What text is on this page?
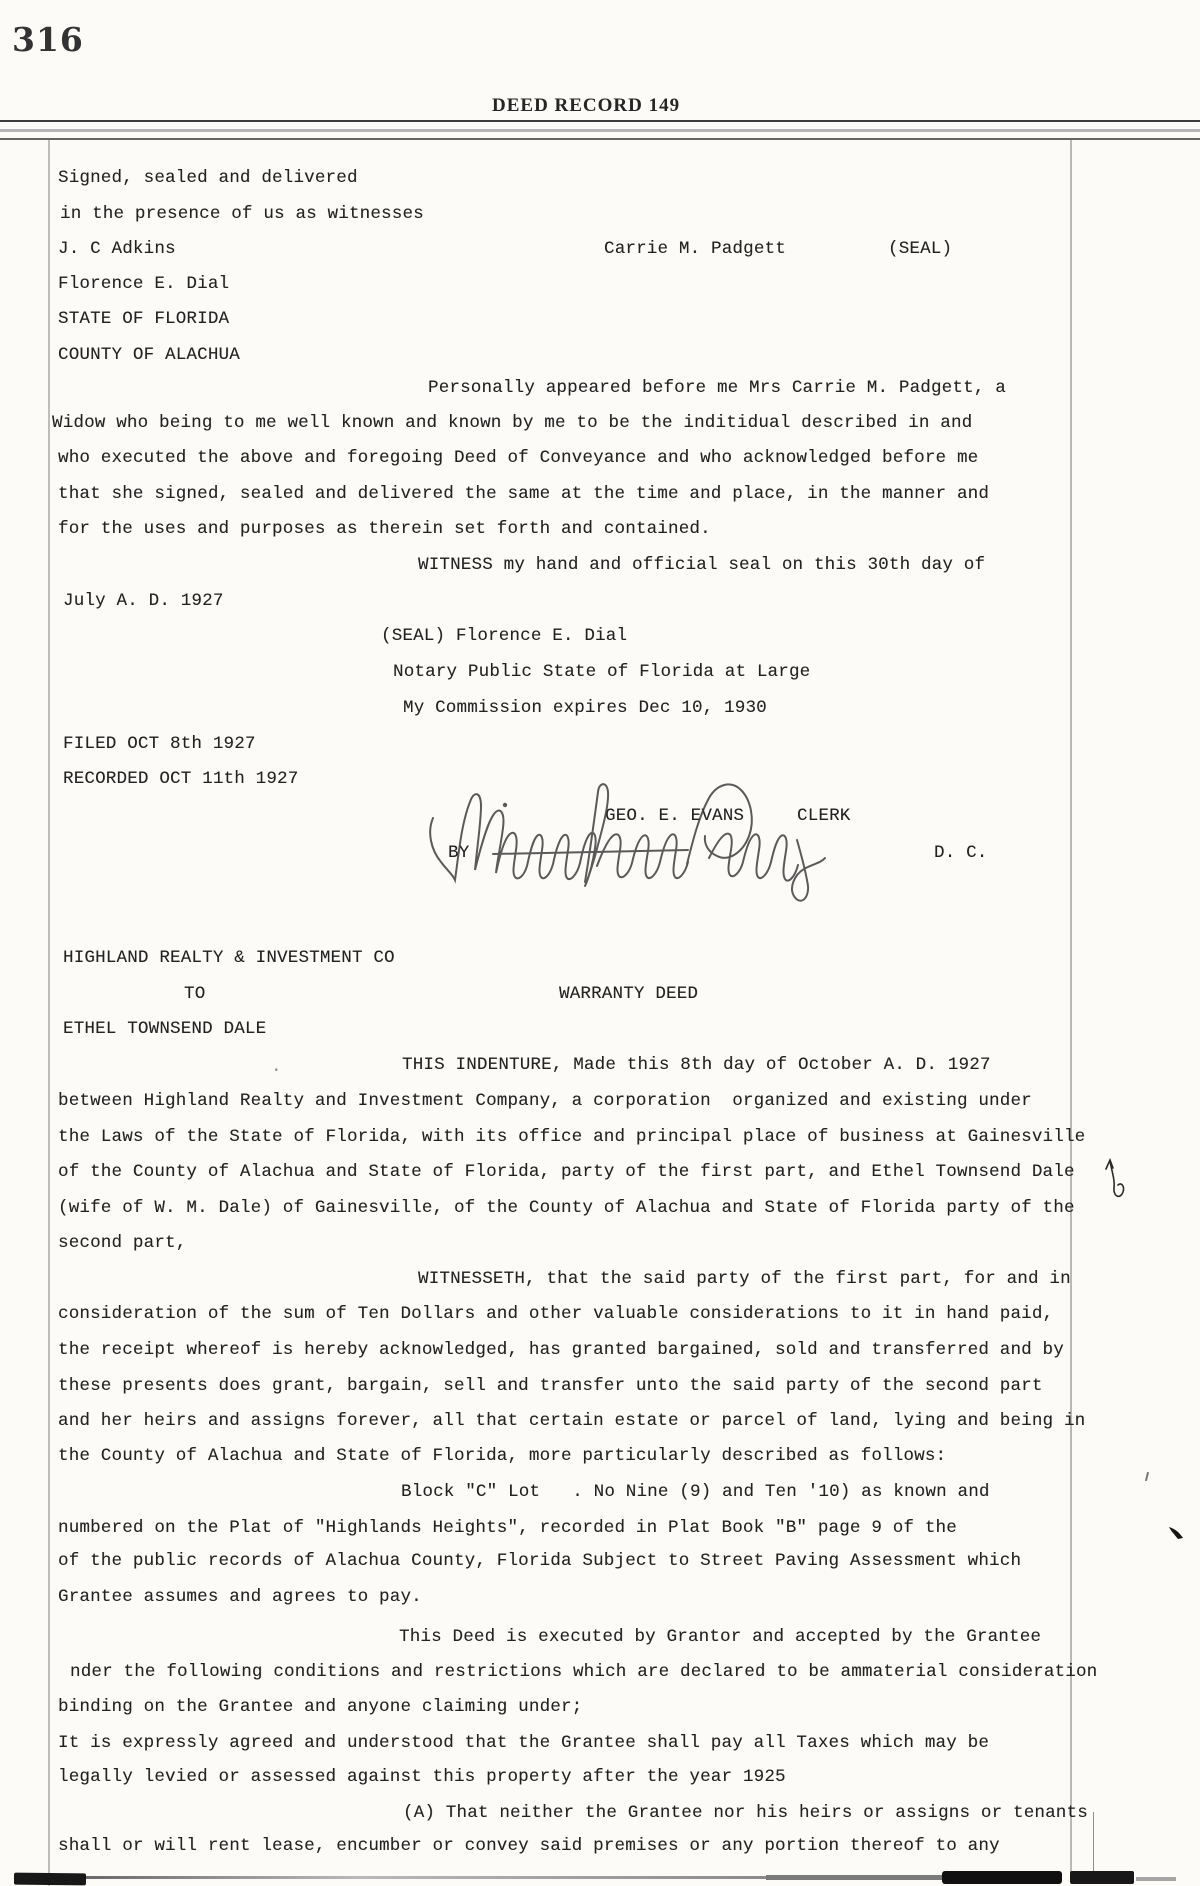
316
DEED RECORD 149
Signed, sealed and delivered
in the presence of us as witnesses
J. C Adkins	Carrie M. Padgett	(SEAL)
Florence E. Dial
STATE OF FLORIDA
COUNTY OF ALACHUA
Personally appeared before me Mrs Carrie M. Padgett, a
Widow who being to me well known and known by me to be the inditidual described in and
who executed the above and foregoing Deed of Conveyance and who acknowledged before me
that she signed, sealed and delivered the same at the time and place, in the manner and
for the uses and purposes as therein set forth and contained.
WITNESS my hand and official seal on this 30th day of
July A. D. 1927
(SEAL) Florence E. Dial
Notary Public State of Florida at Large
My Commission expires Dec 10, 1930
FILED OCT 8th 1927
RECORDED OCT 11th 1927
GEO. E. EVANS	CLERK
BY	D. C.
HIGHLAND REALTY & INVESTMENT CO
TO	WARRANTY DEED
ETHEL TOWNSEND DALE
.	THIS INDENTURE, Made this 8th day of October A. D. 1927
between Highland Realty and Investment Company, a corporation  organized and existing under
the Laws of the State of Florida, with its office and principal place of business at Gainesville
of the County of Alachua and State of Florida, party of the first part, and Ethel Townsend Dale
(wife of W. M. Dale) of Gainesville, of the County of Alachua and State of Florida party of the
second part,
WITNESSETH, that the said party of the first part, for and in
consideration of the sum of Ten Dollars and other valuable considerations to it in hand paid,
the receipt whereof is hereby acknowledged, has granted bargained, sold and transferred and by
these presents does grant, bargain, sell and transfer unto the said party of the second part
and her heirs and assigns forever, all that certain estate or parcel of land, lying and being in
the County of Alachua and State of Florida, more particularly described as follows:
Block "C" Lot   . No Nine (9) and Ten '10) as known and
numbered on the Plat of "Highlands Heights", recorded in Plat Book "B" page 9 of the
of the public records of Alachua County, Florida Subject to Street Paving Assessment which
Grantee assumes and agrees to pay.
This Deed is executed by Grantor and accepted by the Grantee
nder the following conditions and restrictions which are declared to be ammaterial consideration
binding on the Grantee and anyone claiming under;
It is expressly agreed and understood that the Grantee shall pay all Taxes which may be
legally levied or assessed against this property after the year 1925
(A) That neither the Grantee nor his heirs or assigns or tenants
shall or will rent lease, encumber or convey said premises or any portion thereof to any
